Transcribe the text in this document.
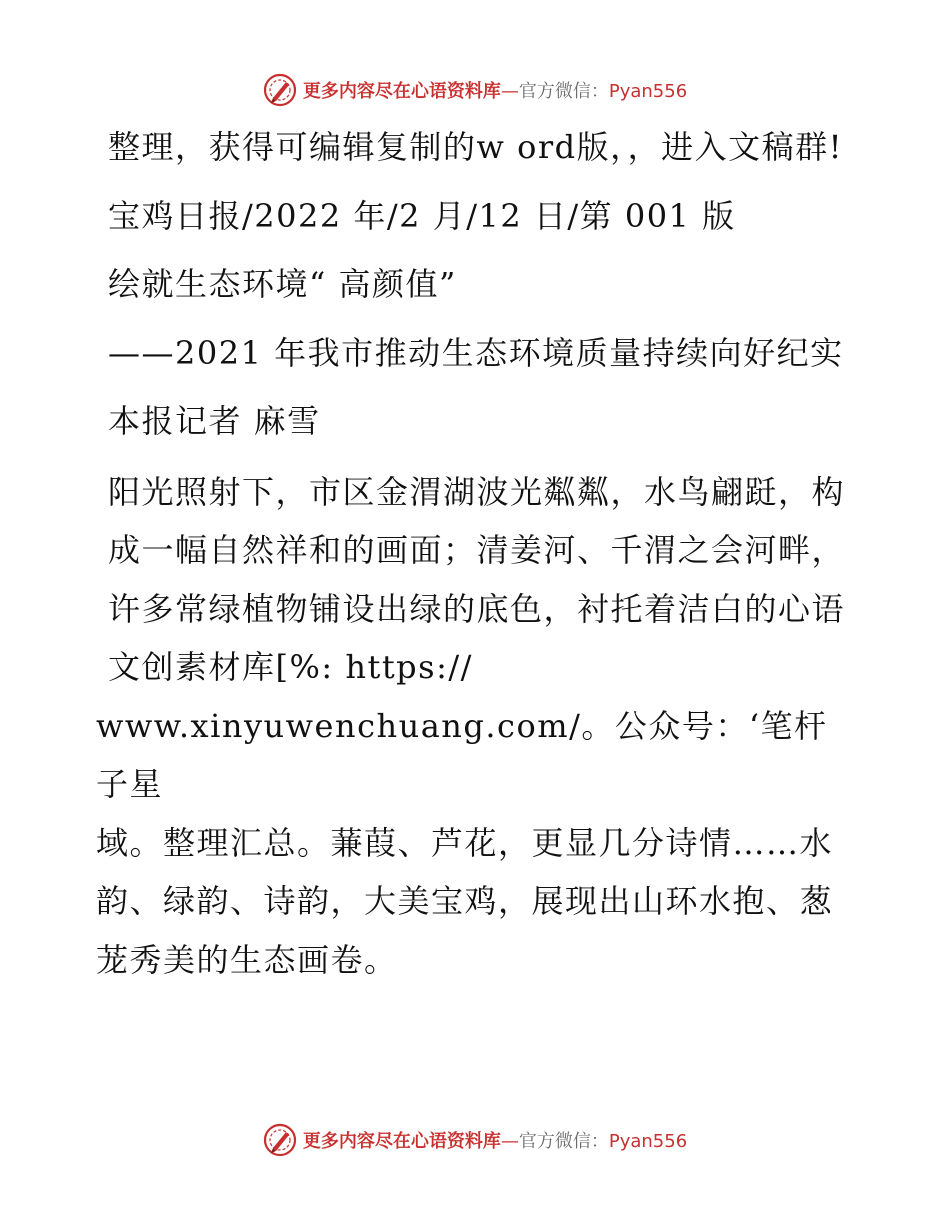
更多内容尽在心语资料库—官方微信：Pyan556

整理，获得可编辑复制的w ord版，，进入文稿群!

宝鸡日报/2022 年/2 月/12 日/第 001 版

绘就生态环境“ 高颜值”

——2021 年我市推动生态环境质量持续向好纪实

本报记者 麻雪

阳光照射下，市区金渭湖波光粼粼，水鸟翩跹，构成一幅自然祥和的画面；清姜河、千渭之会河畔，许多常绿植物铺设出绿的底色，衬托着洁白的心语文创素材库[%: https://

www.xinyuwenchuang.com/。公众号：‘笔杆子星

域。整理汇总。蒹葭、芦花，更显几分诗情……水韵、绿韵、诗韵，大美宝鸡，展现出山环水抱、葱茏秀美的生态画卷。

更多内容尽在心语资料库—官方微信：Pyan556
